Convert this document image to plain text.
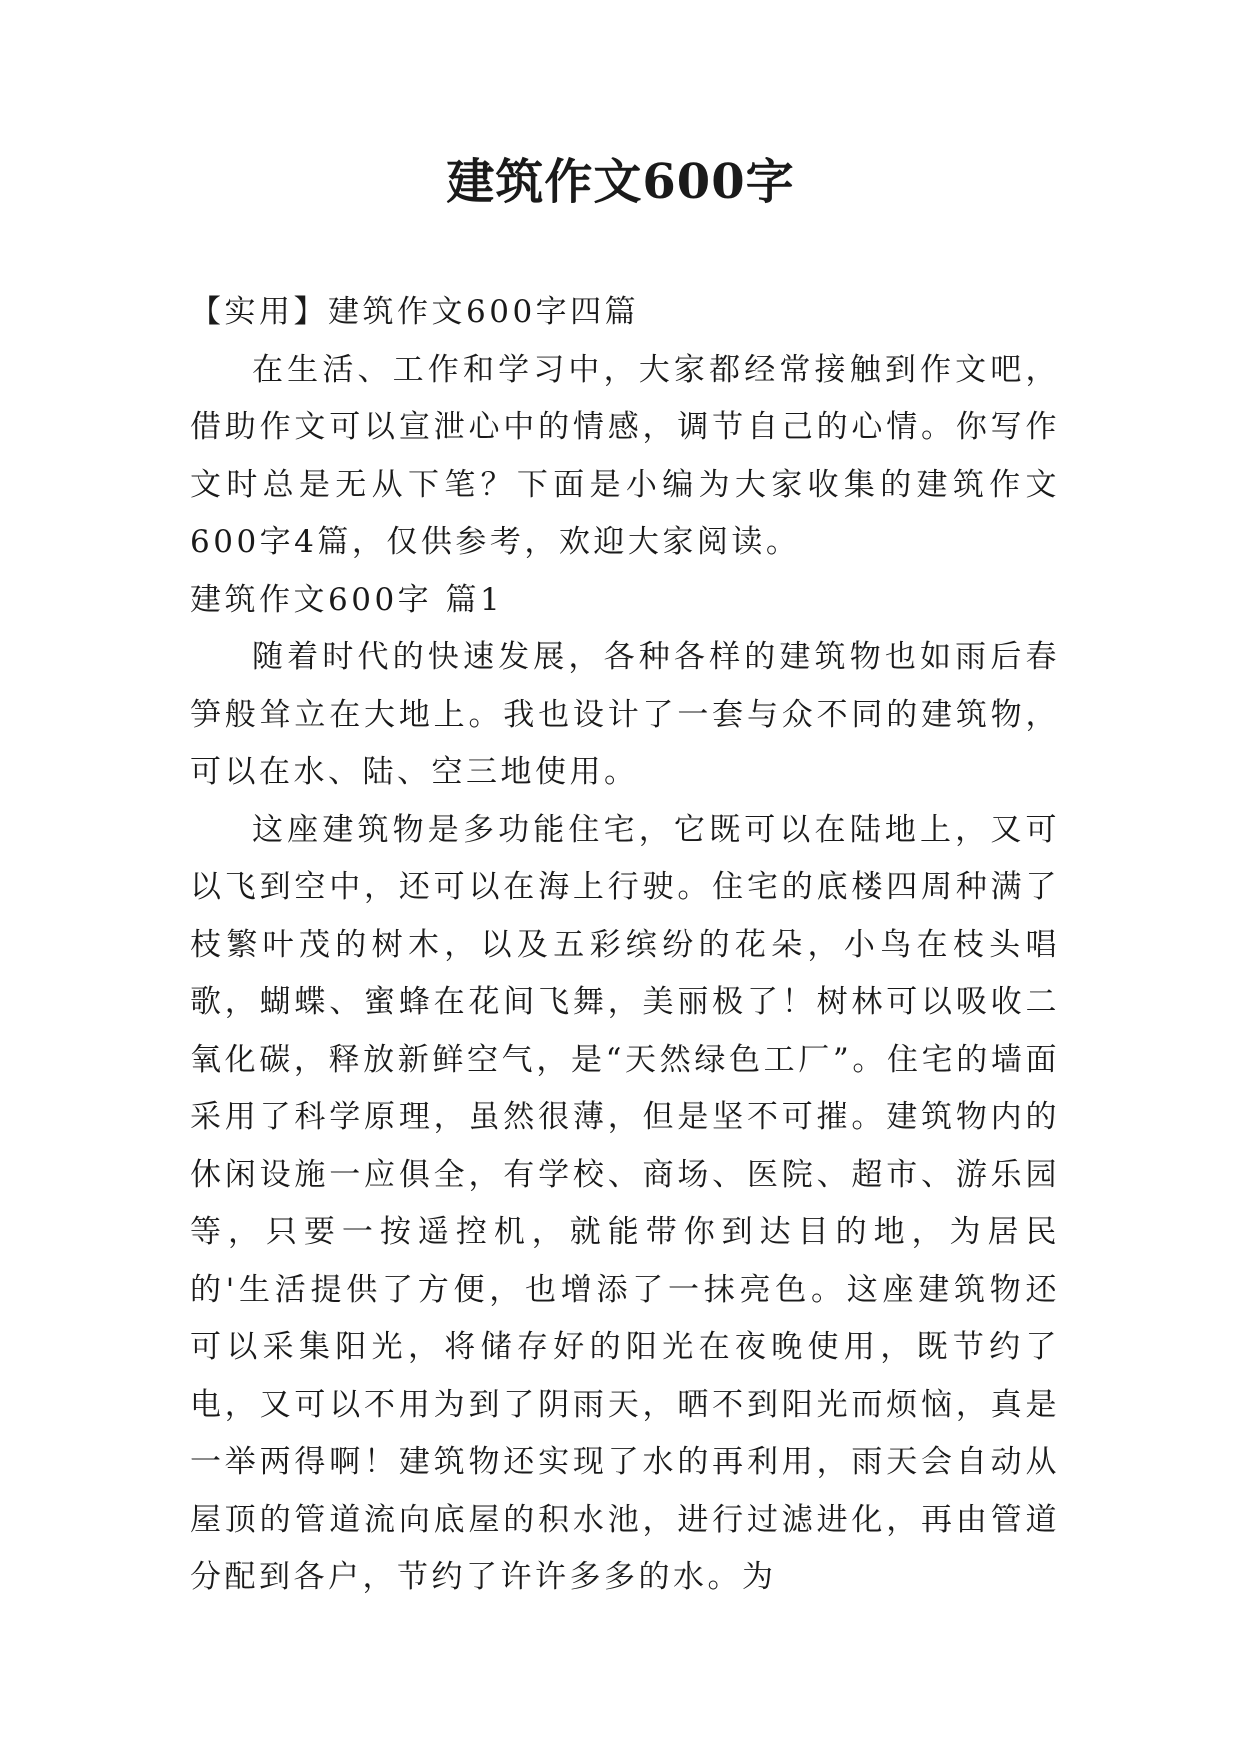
建筑作文600字

【实用】建筑作文600字四篇

在生活、工作和学习中，大家都经常接触到作文吧，借助作文可以宣泄心中的情感，调节自己的心情。你写作文时总是无从下笔？下面是小编为大家收集的建筑作文600字4篇，仅供参考，欢迎大家阅读。

建筑作文600字 篇1

随着时代的快速发展，各种各样的建筑物也如雨后春笋般耸立在大地上。我也设计了一套与众不同的建筑物，可以在水、陆、空三地使用。

这座建筑物是多功能住宅，它既可以在陆地上，又可以飞到空中，还可以在海上行驶。住宅的底楼四周种满了枝繁叶茂的树木，以及五彩缤纷的花朵，小鸟在枝头唱歌，蝴蝶、蜜蜂在花间飞舞，美丽极了！树林可以吸收二氧化碳，释放新鲜空气，是“天然绿色工厂”。住宅的墙面采用了科学原理，虽然很薄，但是坚不可摧。建筑物内的休闲设施一应俱全，有学校、商场、医院、超市、游乐园等，只要一按遥控机，就能带你到达目的地，为居民的'生活提供了方便，也增添了一抹亮色。这座建筑物还可以采集阳光，将储存好的阳光在夜晚使用，既节约了电，又可以不用为到了阴雨天，晒不到阳光而烦恼，真是一举两得啊！建筑物还实现了水的再利用，雨天会自动从屋顶的管道流向底屋的积水池，进行过滤进化，再由管道分配到各户，节约了许许多多的水。为
